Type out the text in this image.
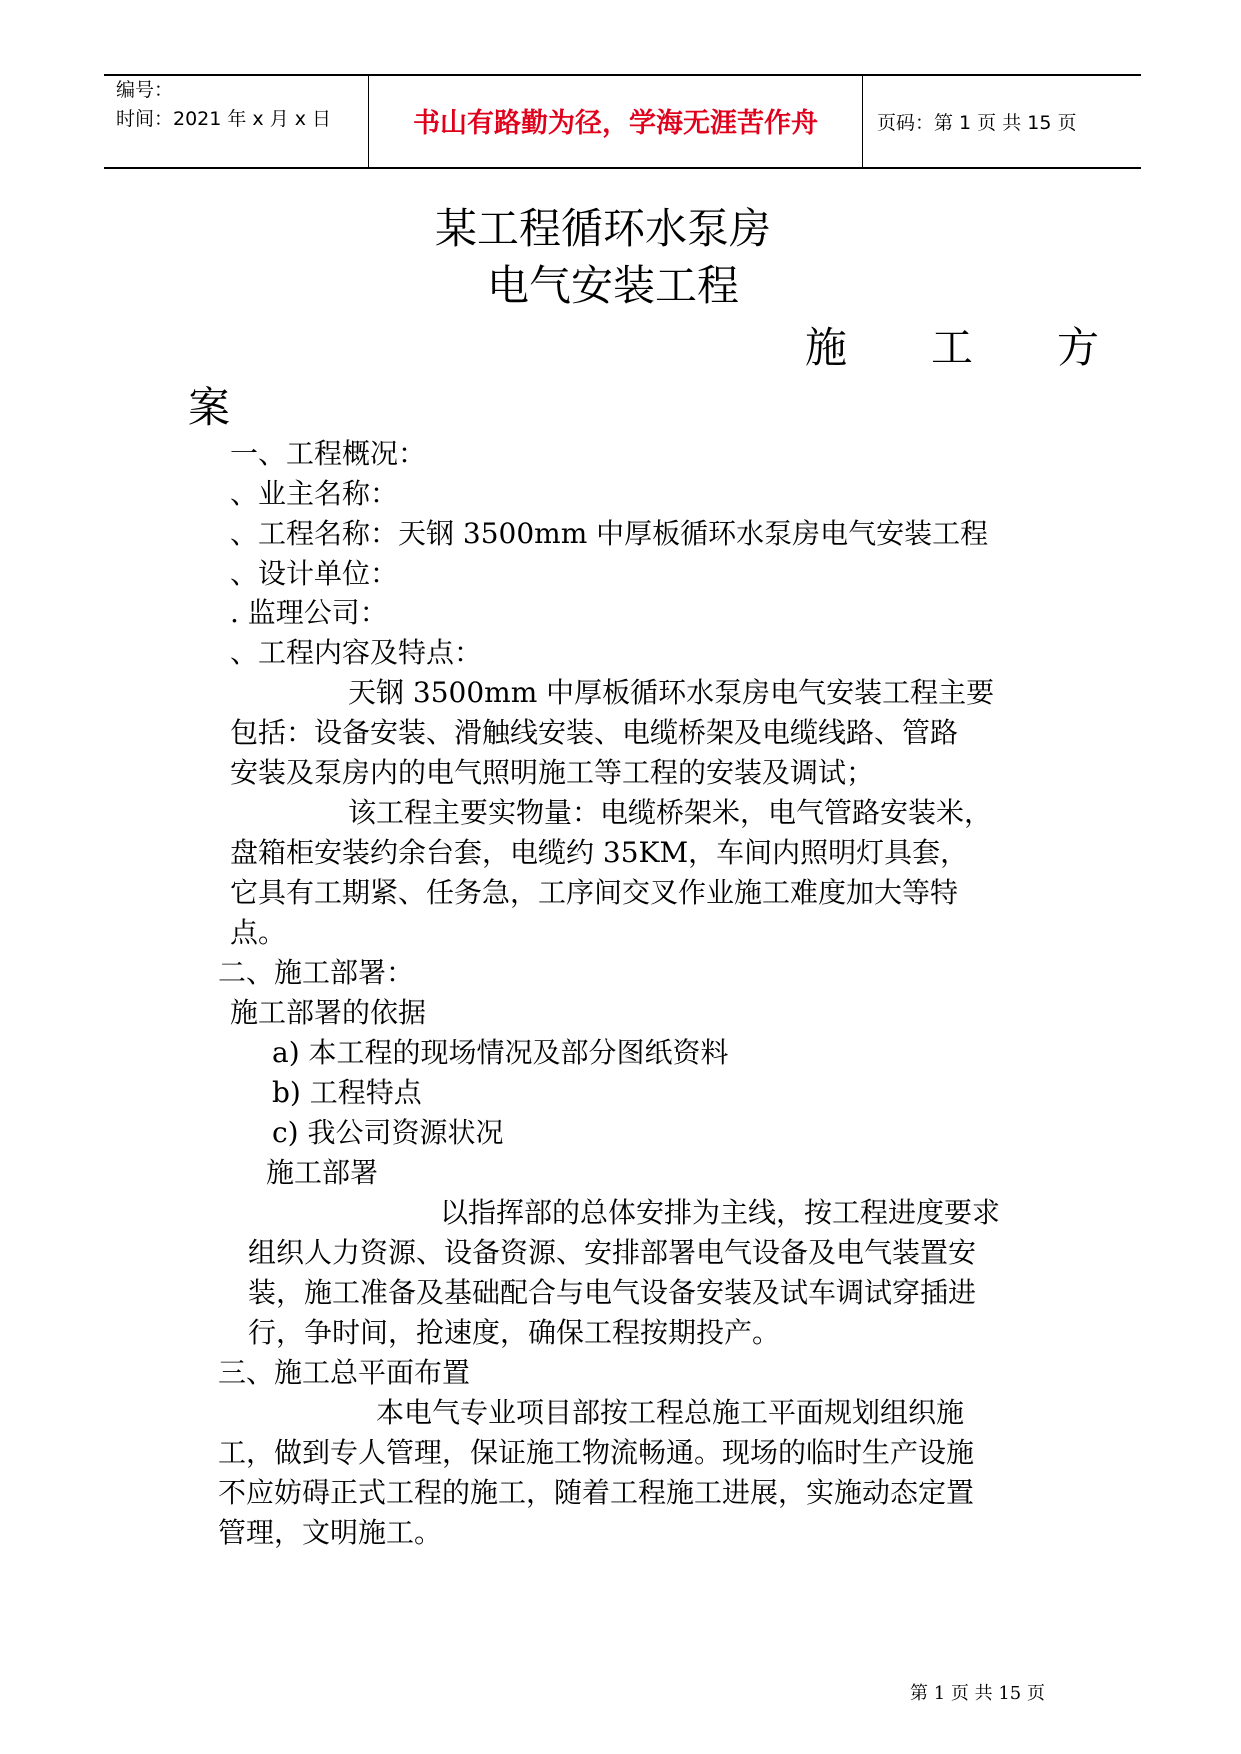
编号：
时间：2021 年 x 月 x 日	书山有路勤为径，学海无涯苦作舟	页码：第 1 页 共 15 页
某工程循环水泵房
电气安装工程
施　　工　　方
案
一、工程概况：
、业主名称：
、工程名称：天钢 3500mm 中厚板循环水泵房电气安装工程
、设计单位：
. 监理公司：
、工程内容及特点：
天钢 3500mm 中厚板循环水泵房电气安装工程主要
包括：设备安装、滑触线安装、电缆桥架及电缆线路、管路
安装及泵房内的电气照明施工等工程的安装及调试；
该工程主要实物量：电缆桥架米，电气管路安装米，
盘箱柜安装约余台套，电缆约 35KM，车间内照明灯具套，
它具有工期紧、任务急，工序间交叉作业施工难度加大等特
点。
二、施工部署：
施工部署的依据
a) 本工程的现场情况及部分图纸资料
b) 工程特点
c) 我公司资源状况
施工部署
以指挥部的总体安排为主线，按工程进度要求
组织人力资源、设备资源、安排部署电气设备及电气装置安
装，施工准备及基础配合与电气设备安装及试车调试穿插进
行，争时间，抢速度，确保工程按期投产。
三、施工总平面布置
本电气专业项目部按工程总施工平面规划组织施
工，做到专人管理，保证施工物流畅通。现场的临时生产设施
不应妨碍正式工程的施工，随着工程施工进展，实施动态定置
管理，文明施工。
第 1 页 共 15 页
